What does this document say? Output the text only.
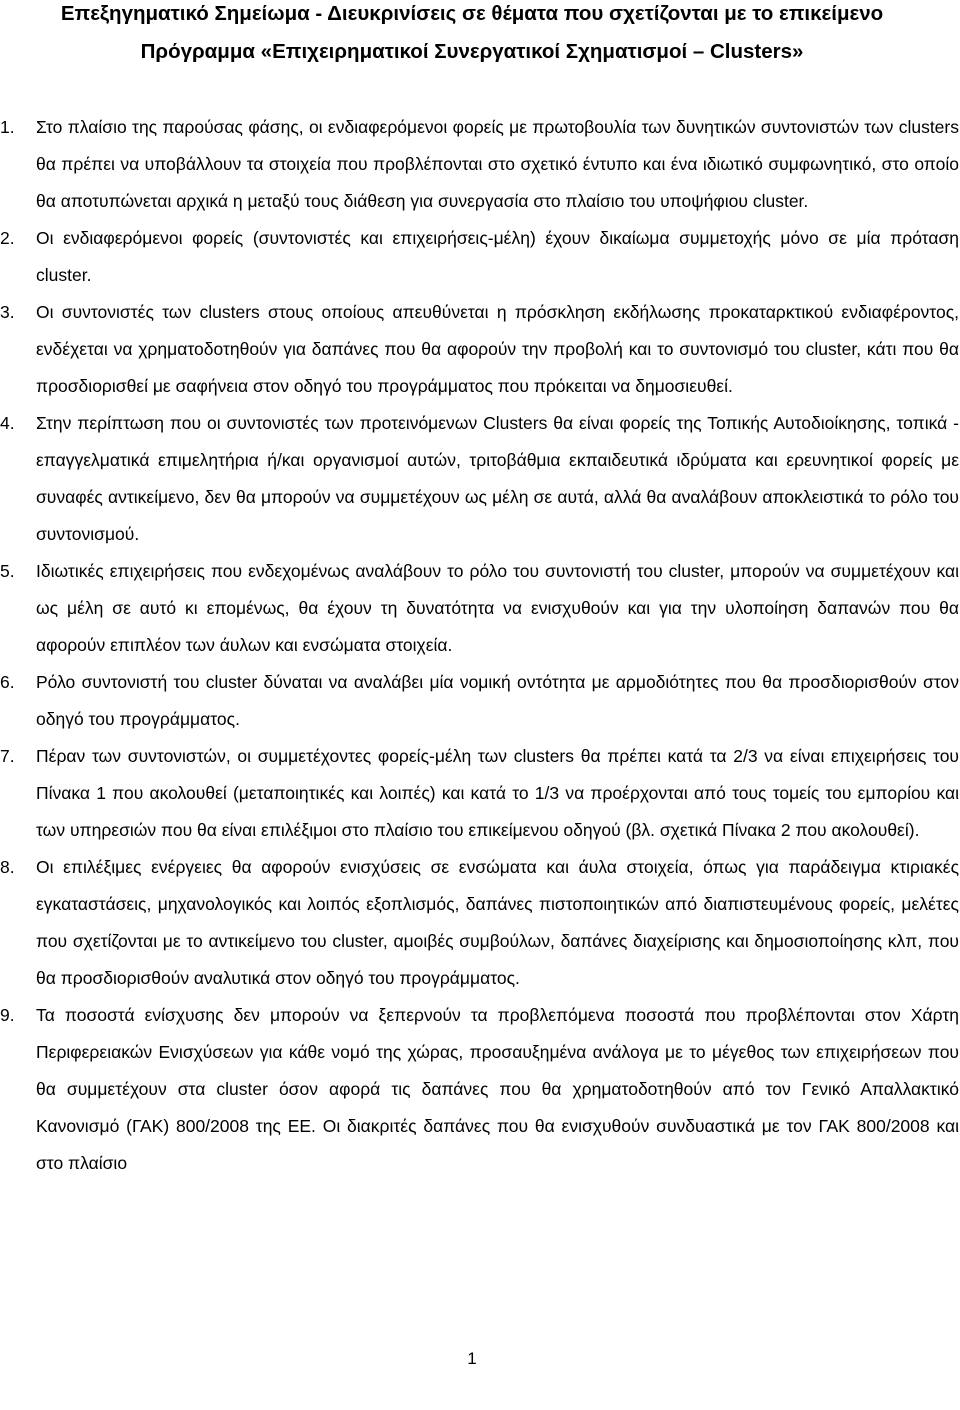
Επεξηγηματικό Σημείωμα - Διευκρινίσεις σε θέματα που σχετίζονται με το επικείμενο
Πρόγραμμα «Επιχειρηματικοί Συνεργατικοί Σχηματισμοί – Clusters»
1. Στο πλαίσιο της παρούσας φάσης, οι ενδιαφερόμενοι φορείς με πρωτοβουλία των δυνητικών συντονιστών των clusters θα πρέπει να υποβάλλουν τα στοιχεία που προβλέπονται στο σχετικό έντυπο και ένα ιδιωτικό συμφωνητικό, στο οποίο θα αποτυπώνεται αρχικά η μεταξύ τους διάθεση για συνεργασία στο πλαίσιο του υποψήφιου cluster.
2. Οι ενδιαφερόμενοι φορείς (συντονιστές και επιχειρήσεις-μέλη) έχουν δικαίωμα συμμετοχής μόνο σε μία πρόταση cluster.
3. Οι συντονιστές των clusters στους οποίους απευθύνεται η πρόσκληση εκδήλωσης προκαταρκτικού ενδιαφέροντος, ενδέχεται να χρηματοδοτηθούν για δαπάνες που θα αφορούν την προβολή και το συντονισμό του cluster, κάτι που θα προσδιορισθεί με σαφήνεια στον οδηγό του προγράμματος που πρόκειται να δημοσιευθεί.
4. Στην περίπτωση που οι συντονιστές των προτεινόμενων Clusters θα είναι φορείς της Τοπικής Αυτοδιοίκησης, τοπικά - επαγγελματικά επιμελητήρια ή/και οργανισμοί αυτών, τριτοβάθμια εκπαιδευτικά ιδρύματα και ερευνητικοί φορείς με συναφές αντικείμενο, δεν θα μπορούν να συμμετέχουν ως μέλη σε αυτά, αλλά θα αναλάβουν αποκλειστικά το ρόλο του συντονισμού.
5. Ιδιωτικές επιχειρήσεις που ενδεχομένως αναλάβουν το ρόλο του συντονιστή του cluster, μπορούν να συμμετέχουν και ως μέλη σε αυτό κι επομένως, θα έχουν τη δυνατότητα να ενισχυθούν και για την υλοποίηση δαπανών που θα αφορούν επιπλέον των άυλων και ενσώματα στοιχεία.
6. Ρόλο συντονιστή του cluster δύναται να αναλάβει μία νομική οντότητα με αρμοδιότητες που θα προσδιορισθούν στον οδηγό του προγράμματος.
7. Πέραν των συντονιστών, οι συμμετέχοντες φορείς-μέλη των clusters θα πρέπει κατά τα 2/3 να είναι επιχειρήσεις του Πίνακα 1 που ακολουθεί (μεταποιητικές και λοιπές) και κατά το 1/3 να προέρχονται από τους τομείς του εμπορίου και των υπηρεσιών που θα είναι επιλέξιμοι στο πλαίσιο του επικείμενου οδηγού (βλ. σχετικά Πίνακα 2 που ακολουθεί).
8. Οι επιλέξιμες ενέργειες θα αφορούν ενισχύσεις σε ενσώματα και άυλα στοιχεία, όπως για παράδειγμα κτιριακές εγκαταστάσεις, μηχανολογικός και λοιπός εξοπλισμός, δαπάνες πιστοποιητικών από διαπιστευμένους φορείς, μελέτες που σχετίζονται με το αντικείμενο του cluster, αμοιβές συμβούλων, δαπάνες διαχείρισης και δημοσιοποίησης κλπ, που θα προσδιορισθούν αναλυτικά στον οδηγό του προγράμματος.
9. Τα ποσοστά ενίσχυσης δεν μπορούν να ξεπερνούν τα προβλεπόμενα ποσοστά που προβλέπονται στον Χάρτη Περιφερειακών Ενισχύσεων για κάθε νομό της χώρας, προσαυξημένα ανάλογα με το μέγεθος των επιχειρήσεων που θα συμμετέχουν στα cluster όσον αφορά τις δαπάνες που θα χρηματοδοτηθούν από τον Γενικό Απαλλακτικό Κανονισμό (ΓΑΚ) 800/2008 της ΕΕ. Οι διακριτές δαπάνες που θα ενισχυθούν συνδυαστικά με τον ΓΑΚ 800/2008 και στο πλαίσιο
1
